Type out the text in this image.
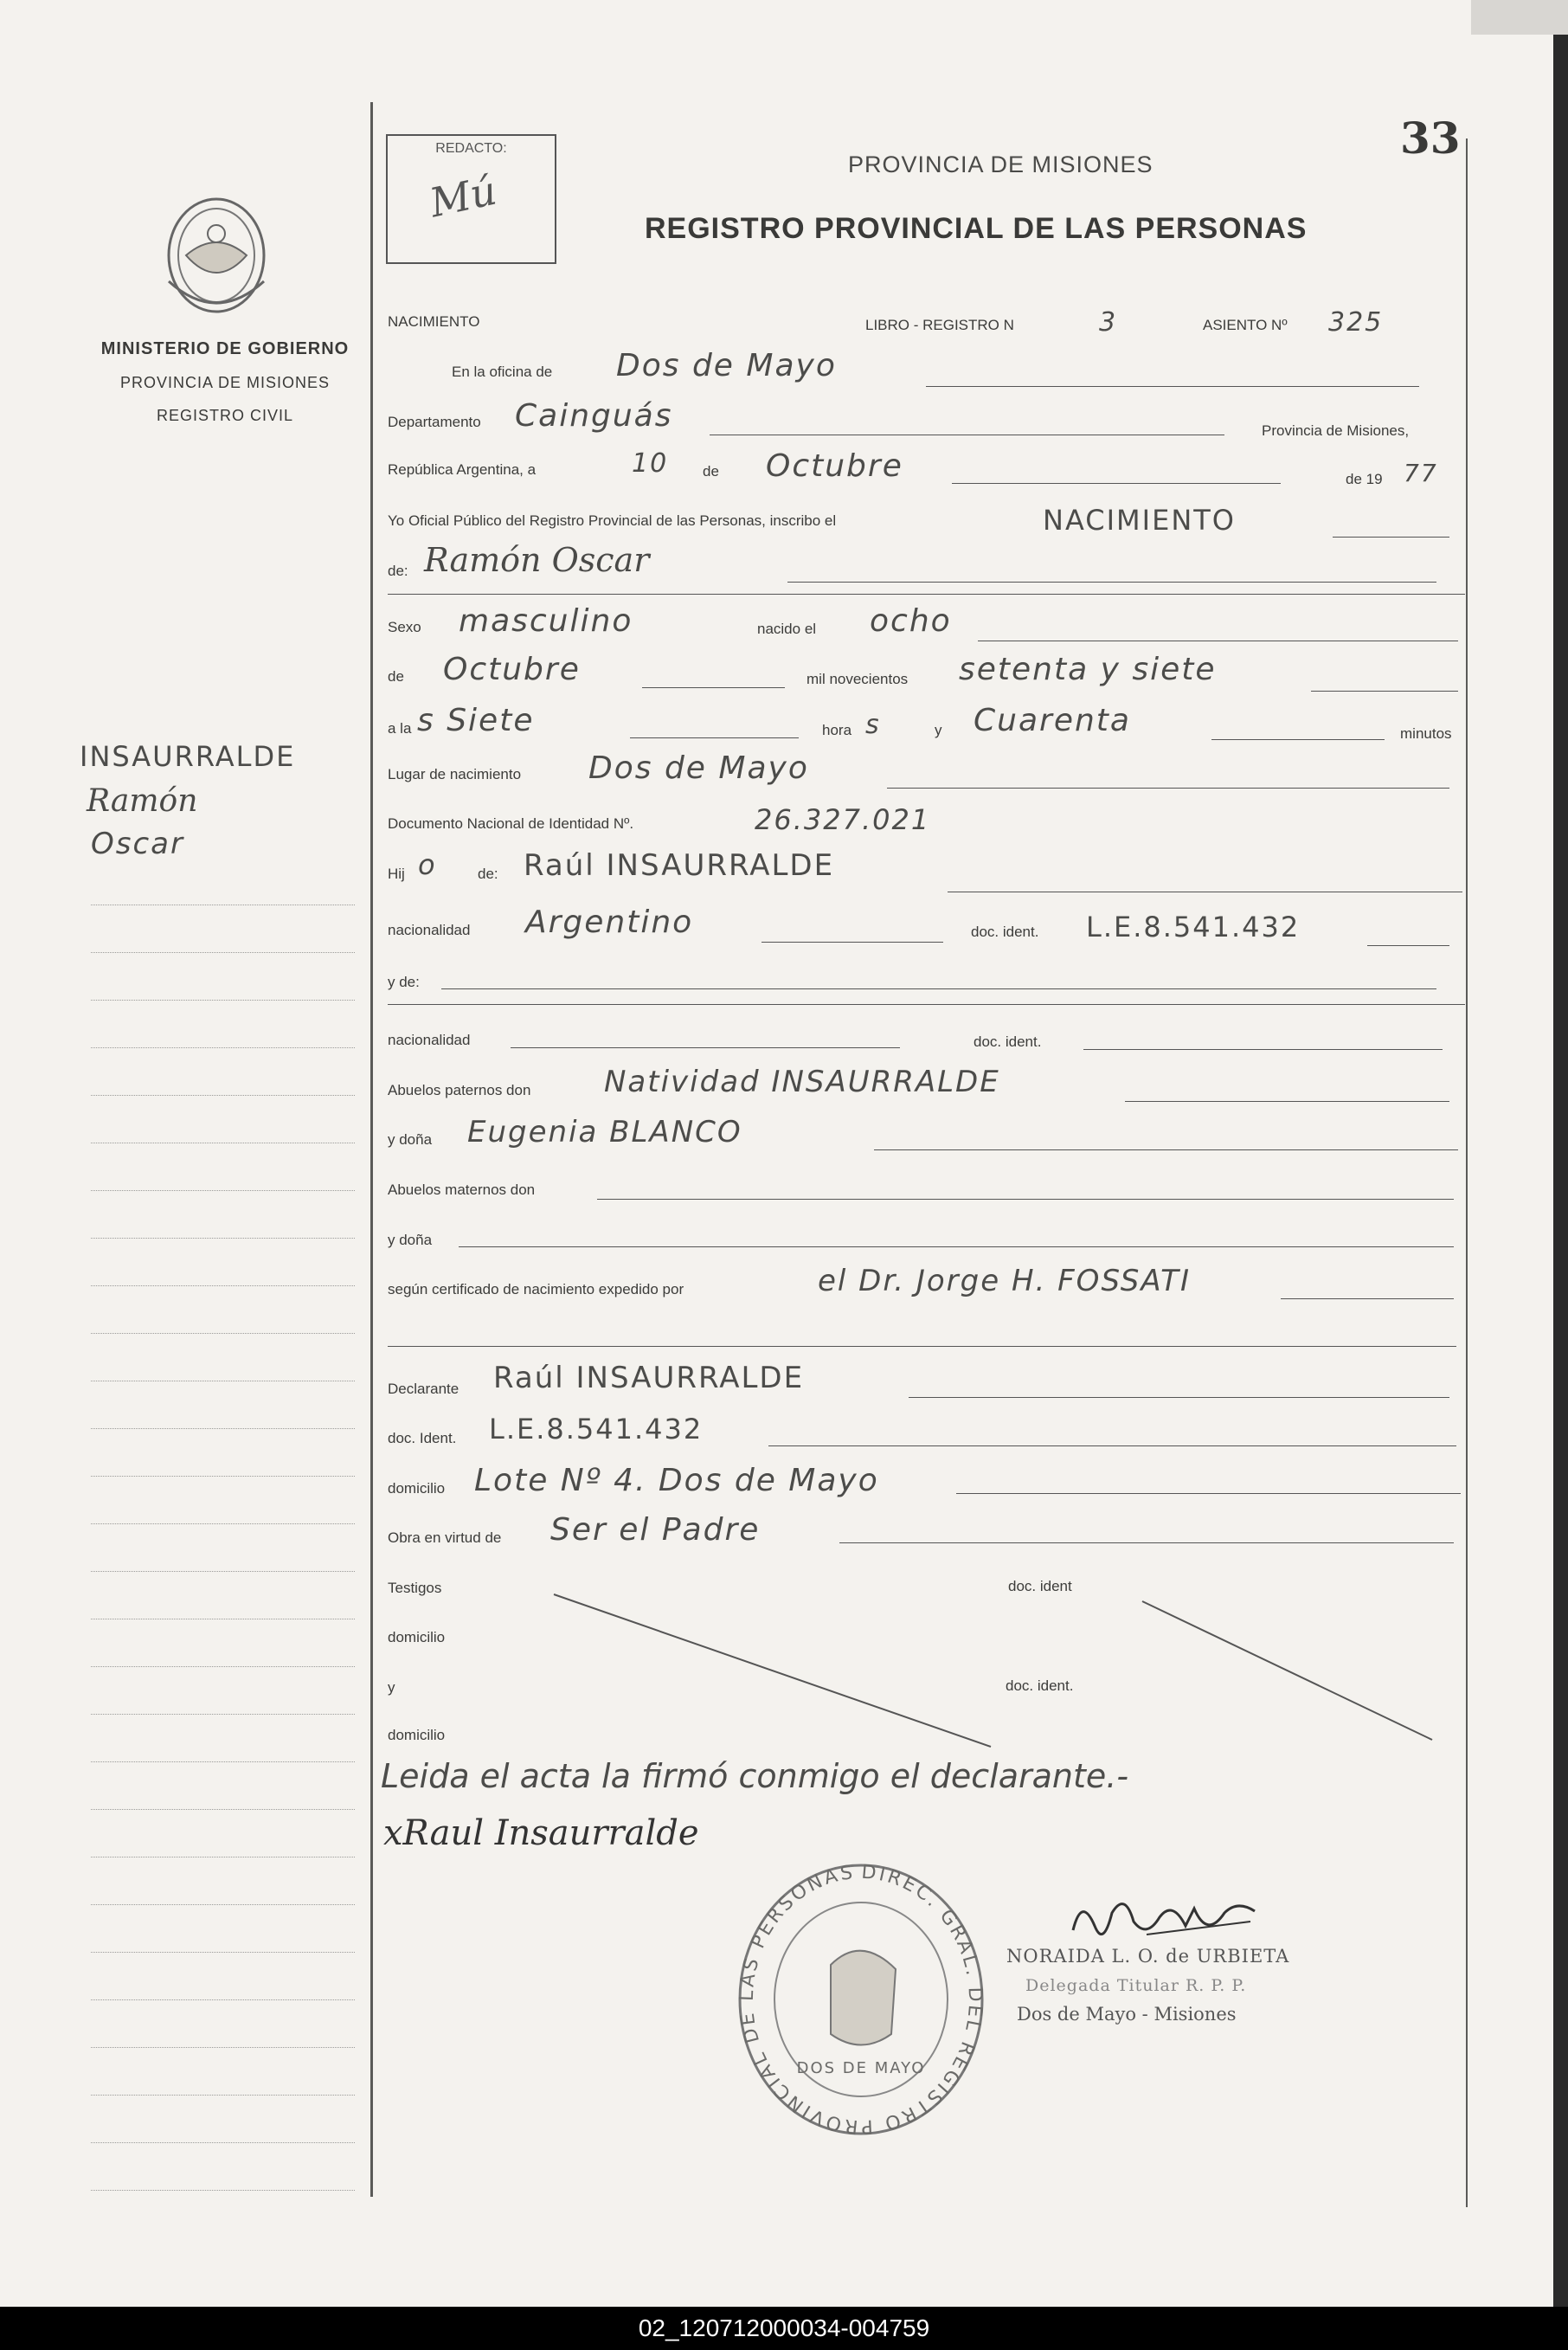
33
REDACTO:
Mú
PROVINCIA DE MISIONES
REGISTRO PROVINCIAL DE LAS PERSONAS
MINISTERIO DE GOBIERNO
PROVINCIA DE MISIONES
REGISTRO CIVIL
INSAURRALDE
Ramón
Oscar
NACIMIENTO	LIBRO - REGISTRO N	3	ASIENTO Nº 325
En la oficina de Dos de Mayo
Departamento Cainguás	Provincia de Misiones,
República Argentina, a	10 de Octubre	de 19 77
Yo Oficial Público del Registro Provincial de las Personas, inscribo el	NACIMIENTO
de: Ramón Oscar
Sexo masculino	nacido el ocho
de Octubre	mil novecientos setenta y siete
a la s Siete	hora s	y Cuarenta	minutos
Lugar de nacimiento Dos de Mayo
Documento Nacional de Identidad Nº.	26.327.021
Hij o	de: Raúl INSAURRALDE
nacionalidad Argentino	doc. ident. L.E.8.541.432
y de:
nacionalidad	doc. ident.
Abuelos paternos don Natividad INSAURRALDE
y doña Eugenia BLANCO
Abuelos maternos don
y doña
según certificado de nacimiento expedido por	el Dr. Jorge H. FOSSATI
Declarante Raúl INSAURRALDE
doc. Ident. L.E.8.541.432
domicilio Lote Nº 4. Dos de Mayo
Obra en virtud de Ser el Padre
Testigos	doc. ident
domicilio
y	doc. ident.
domicilio
Leida el acta la firmó conmigo el declarante.-
xRaul Insaurralde
DIREC. GRAL. DEL REGISTRO PROVINCIAL DE LAS PERSONAS
DOS DE MAYO
NORAIDA L. O. de URBIETA
Delegada Titular R. P. P.
Dos de Mayo - Misiones
02_120712000034-004759
